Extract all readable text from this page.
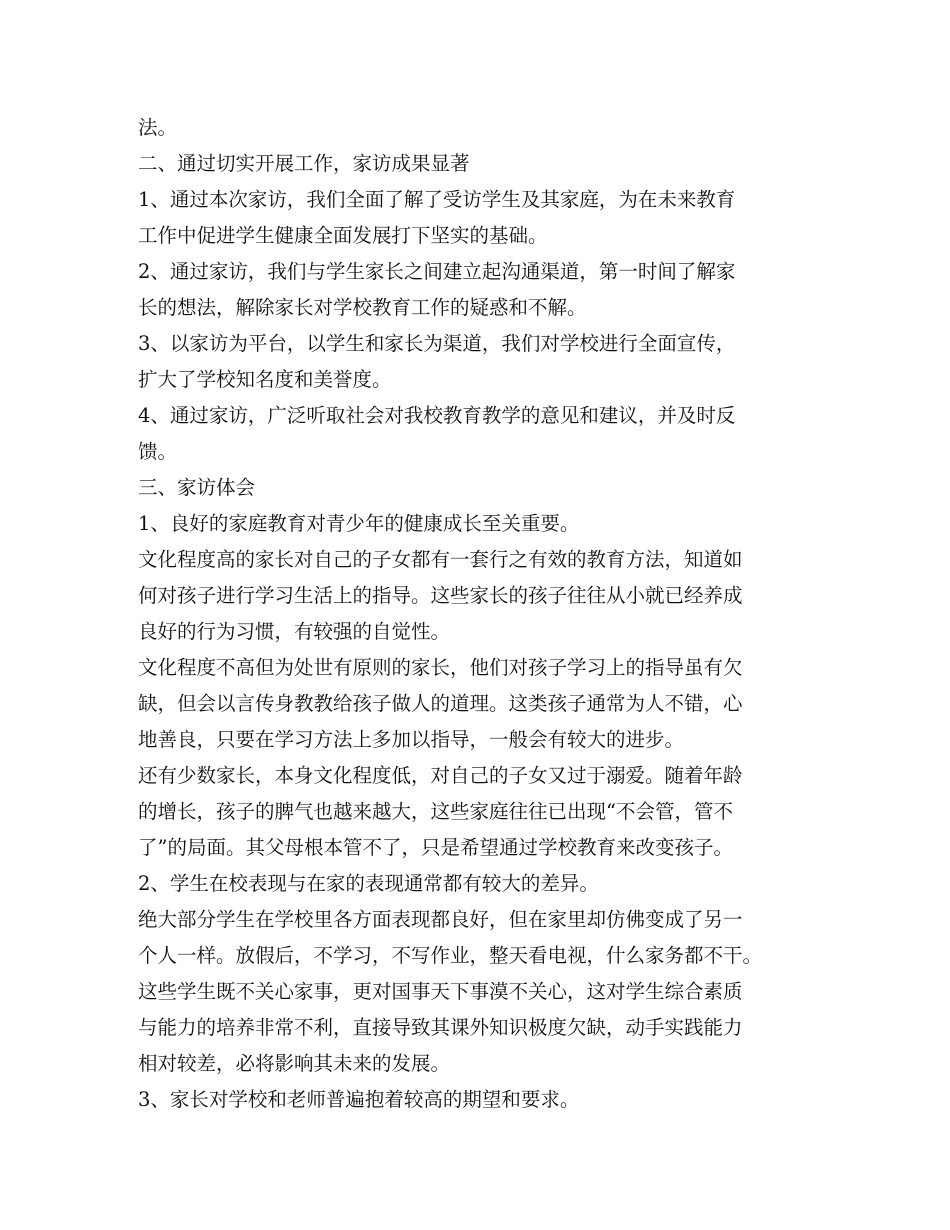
法。
二、通过切实开展工作，家访成果显著
1、通过本次家访，我们全面了解了受访学生及其家庭，为在未来教育
工作中促进学生健康全面发展打下坚实的基础。
2、通过家访，我们与学生家长之间建立起沟通渠道，第一时间了解家
长的想法，解除家长对学校教育工作的疑惑和不解。
3、以家访为平台，以学生和家长为渠道，我们对学校进行全面宣传，
扩大了学校知名度和美誉度。
4、通过家访，广泛听取社会对我校教育教学的意见和建议，并及时反
馈。
三、家访体会
1、良好的家庭教育对青少年的健康成长至关重要。
文化程度高的家长对自己的子女都有一套行之有效的教育方法，知道如
何对孩子进行学习生活上的指导。这些家长的孩子往往从小就已经养成
良好的行为习惯，有较强的自觉性。
文化程度不高但为处世有原则的家长，他们对孩子学习上的指导虽有欠
缺，但会以言传身教教给孩子做人的道理。这类孩子通常为人不错，心
地善良，只要在学习方法上多加以指导，一般会有较大的进步。
还有少数家长，本身文化程度低，对自己的子女又过于溺爱。随着年龄
的增长，孩子的脾气也越来越大，这些家庭往往已出现“不会管，管不
了”的局面。其父母根本管不了，只是希望通过学校教育来改变孩子。
2、学生在校表现与在家的表现通常都有较大的差异。
绝大部分学生在学校里各方面表现都良好，但在家里却仿佛变成了另一
个人一样。放假后，不学习，不写作业，整天看电视，什么家务都不干。
这些学生既不关心家事，更对国事天下事漠不关心，这对学生综合素质
与能力的培养非常不利，直接导致其课外知识极度欠缺，动手实践能力
相对较差，必将影响其未来的发展。
3、家长对学校和老师普遍抱着较高的期望和要求。
